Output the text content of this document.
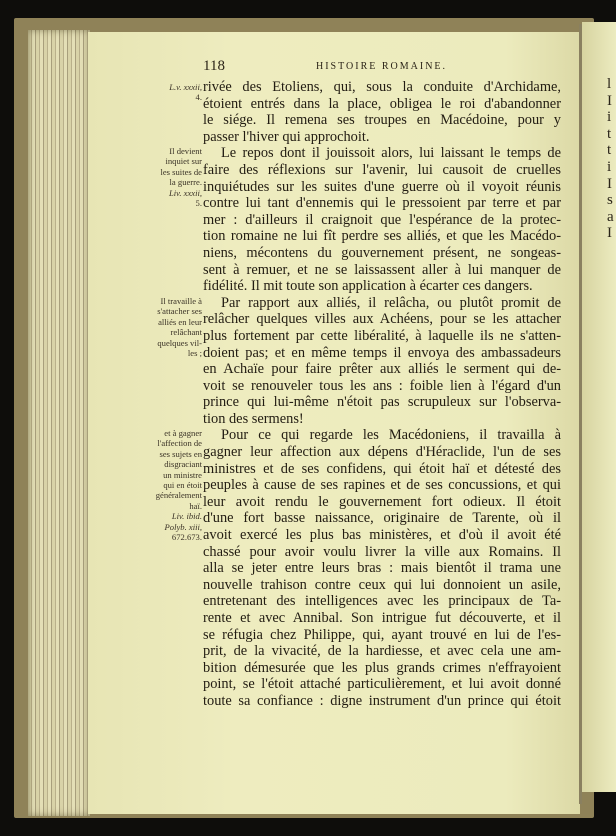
l
I
i
t
t
i
I
s
a
I
118	HISTOIRE ROMAINE.
rivée des Etoliens, qui, sous la conduite d'Archidame,
étoient entrés dans la place, obligea le roi d'abandonner
le siége. Il remena ses troupes en Macédoine, pour y
passer l'hiver qui approchoit.
Le repos dont il jouissoit alors, lui laissant le temps de
faire des réflexions sur l'avenir, lui causoit de cruelles
inquiétudes sur les suites d'une guerre où il voyoit réunis
contre lui tant d'ennemis qui le pressoient par terre et par
mer : d'ailleurs il craignoit que l'espérance de la protec-
tion romaine ne lui fît perdre ses alliés, et que les Macédo-
niens, mécontens du gouvernement présent, ne songeas-
sent à remuer, et ne se laissassent aller à lui manquer de
fidélité. Il mit toute son application à écarter ces dangers.
Par rapport aux alliés, il relâcha, ou plutôt promit de
relâcher quelques villes aux Achéens, pour se les attacher
plus fortement par cette libéralité, à laquelle ils ne s'atten-
doient pas; et en même temps il envoya des ambassadeurs
en Achaïe pour faire prêter aux alliés le serment qui de-
voit se renouveler tous les ans : foible lien à l'égard d'un
prince qui lui-même n'étoit pas scrupuleux sur l'observa-
tion des sermens!
Pour ce qui regarde les Macédoniens, il travailla à
gagner leur affection aux dépens d'Héraclide, l'un de ses
ministres et de ses confidens, qui étoit haï et détesté des
peuples à cause de ses rapines et de ses concussions, et qui
leur avoit rendu le gouvernement fort odieux. Il étoit
d'une fort basse naissance, originaire de Tarente, où il
avoit exercé les plus bas ministères, et d'où il avoit été
chassé pour avoir voulu livrer la ville aux Romains. Il
alla se jeter entre leurs bras : mais bientôt il trama une
nouvelle trahison contre ceux qui lui donnoient un asile,
entretenant des intelligences avec les principaux de Ta-
rente et avec Annibal. Son intrigue fut découverte, et il
se réfugia chez Philippe, qui, ayant trouvé en lui de l'es-
prit, de la vivacité, de la hardiesse, et avec cela une am-
bition démesurée que les plus grands crimes n'effrayoient
point, se l'étoit attaché particulièrement, et lui avoit donné
toute sa confiance : digne instrument d'un prince qui étoit
L.v. xxxii,
4.
Il devient
inquiet sur
les suites de
la guerre.
Liv. xxxii,
5.
Il travaille à
s'attacher ses
alliés en leur
relâchant
quelques vil-
les ;
et à gagner
l'affection de
ses sujets en
disgraciant
un ministre
qui en étoit
généralement
haï.
Liv. ibid.
Polyb. xiii,
672.673.
